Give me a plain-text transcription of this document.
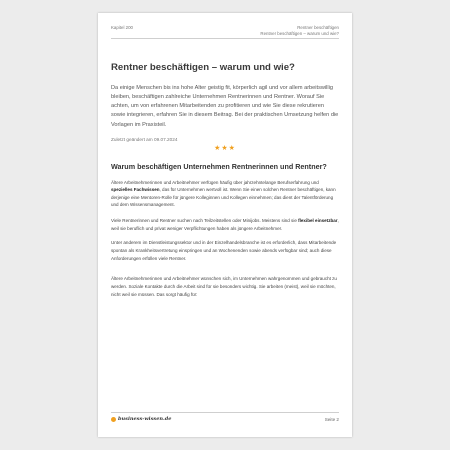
Kapitel 200	Rentner beschäftigen
Rentner beschäftigen – warum und wie?
Rentner beschäftigen – warum und wie?

Da einige Menschen bis ins hohe Alter geistig fit, körperlich agil und vor allem arbeitswillig bleiben, beschäftigen zahlreiche Unternehmen Rentnerinnen und Rentner. Worauf Sie achten, um von erfahrenen Mitarbeitenden zu profitieren und wie Sie diese rekrutieren sowie integrieren, erfahren Sie in diesem Beitrag. Bei der praktischen Umsetzung helfen die Vorlagen im Praxisteil.

Zuletzt geändert am 09.07.2024
★★★
Warum beschäftigen Unternehmen Rentnerinnen und Rentner?

Ältere Arbeitnehmerinnen und Arbeitnehmer verfügen häufig über jahrzehntelange Berufserfahrung und spezielles Fachwissen, das für Unternehmen wertvoll ist. Wenn Sie einen solchen Rentner beschäftigen, kann derjenige eine Mentoren-Rolle für jüngere Kolleginnen und Kollegen einnehmen; das dient der Talentförderung und dem Wissensmanagement.

Viele Rentnerinnen und Rentner suchen nach Teilzeitstellen oder Minijobs. Meistens sind sie flexibel einsetzbar, weil sie beruflich und privat weniger Verpflichtungen haben als jüngere Arbeitnehmer.

Unter anderem im Dienstleistungssektor und in der Einzelhandelsbranche ist es erforderlich, dass Mitarbeitende spontan als Krankheitsvertretung einspringen und an Wochenenden sowie abends verfügbar sind; auch diese Anforderungen erfüllen viele Rentner.

Ältere Arbeitnehmerinnen und Arbeitnehmer wünschen sich, im Unternehmen wahrgenommen und gebraucht zu werden. Soziale Kontakte durch die Arbeit sind für sie besonders wichtig. Sie arbeiten (meist), weil sie möchten, nicht weil sie müssen. Das sorgt häufig für:

business-wissen.de	Seite 2
